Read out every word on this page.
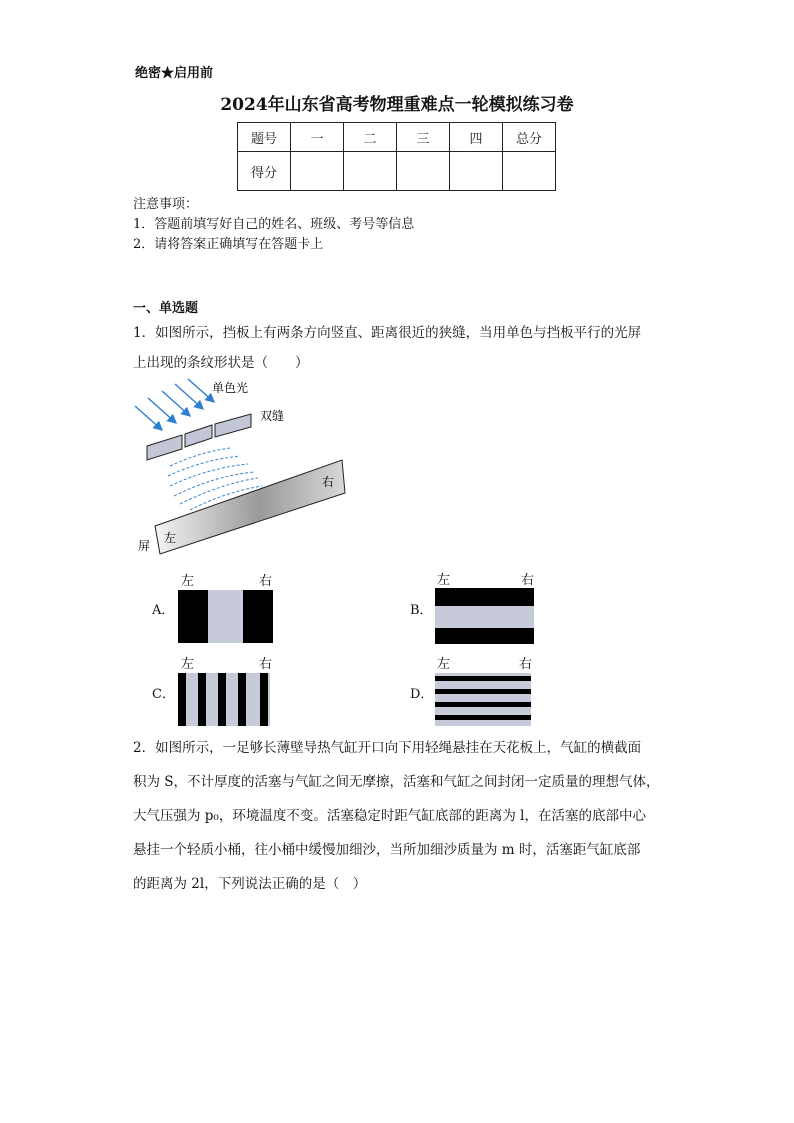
绝密★启用前
2024年山东省高考物理重难点一轮模拟练习卷
题号	一	二	三	四	总分
得分					
注意事项：
1．答题前填写好自己的姓名、班级、考号等信息
2．请将答案正确填写在答题卡上
一、单选题
1．如图所示，挡板上有两条方向竖直、距离很近的狭缝，当用单色与挡板平行的光屏
上出现的条纹形状是（　　）
单色光
双缝
屏
左
右
A．
左	右
B．
左	右
C．
左	右
D．
左	右
2．如图所示，一足够长薄壁导热气缸开口向下用轻绳悬挂在天花板上，气缸的横截面
积为 S，不计厚度的活塞与气缸之间无摩擦，活塞和气缸之间封闭一定质量的理想气体，
大气压强为 p₀，环境温度不变。活塞稳定时距气缸底部的距离为 l，在活塞的底部中心
悬挂一个轻质小桶，往小桶中缓慢加细沙，当所加细沙质量为 m 时，活塞距气缸底部
的距离为 2l，下列说法正确的是（　）
